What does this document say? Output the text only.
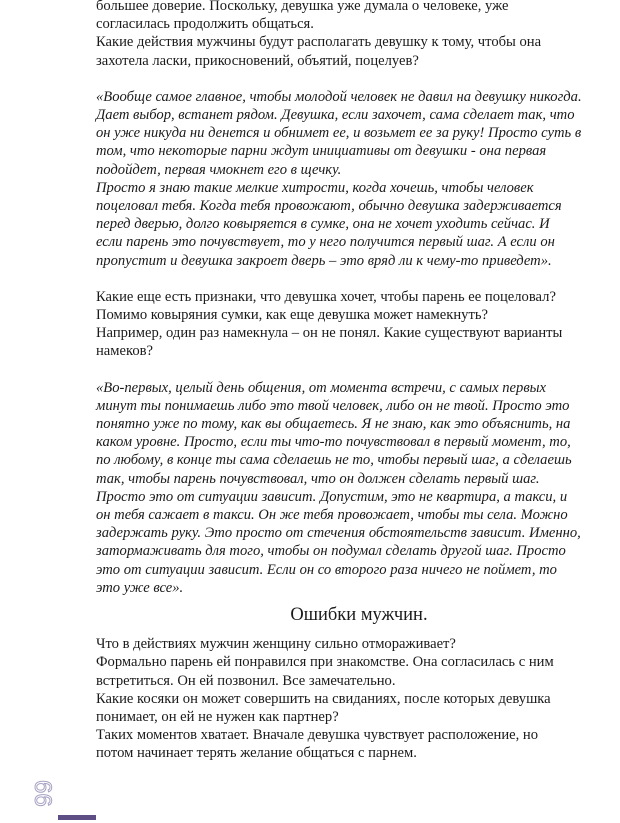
большее доверие. Поскольку, девушка уже думала о человеке, уже
согласилась продолжить общаться.
Какие действия мужчины будут располагать девушку к тому, чтобы она
захотела ласки, прикосновений, объятий, поцелуев?

«Вообще самое главное, чтобы молодой человек не давил на девушку никогда.
Дает выбор, встанет рядом. Девушка, если захочет, сама сделает так, что
он уже никуда ни денется и обнимет ее, и возьмет ее за руку! Просто суть в
том, что некоторые парни ждут инициативы от девушки - она первая
подойдет, первая чмокнет его в щечку.
Просто я знаю такие мелкие хитрости, когда хочешь, чтобы человек
поцеловал тебя. Когда тебя провожают, обычно девушка задерживается
перед дверью, долго ковыряется в сумке, она не хочет уходить сейчас. И
если парень это почувствует, то у него получится первый шаг. А если он
пропустит и девушка закроет дверь – это вряд ли к чему-то приведет».

Какие еще есть признаки, что девушка хочет, чтобы парень ее поцеловал?
Помимо ковыряния сумки, как еще девушка может намекнуть?
Например, один раз намекнула – он не понял. Какие существуют варианты
намеков?

«Во-первых, целый день общения, от момента встречи, с самых первых
минут ты понимаешь либо это твой человек, либо он не твой. Просто это
понятно уже по тому, как вы общаетесь. Я не знаю, как это объяснить, на
каком уровне. Просто, если ты что-то почувствовал в первый момент, то,
по любому, в конце ты сама сделаешь не то, чтобы первый шаг, а сделаешь
так, чтобы парень почувствовал, что он должен сделать первый шаг.
Просто это от ситуации зависит. Допустим, это не квартира, а такси, и
он тебя сажает в такси. Он же тебя провожает, чтобы ты села. Можно
задержать руку. Это просто от стечения обстоятельств зависит. Именно,
затормаживать для того, чтобы он подумал сделать другой шаг. Просто
это от ситуации зависит. Если он со второго раза ничего не поймет, то
это уже все».

Ошибки мужчин.

Что в действиях мужчин женщину сильно отмораживает?
Формально парень ей понравился при знакомстве. Она согласилась с ним
встретиться. Он ей позвонил. Все замечательно.
Какие косяки он может совершить на свиданиях, после которых девушка
понимает, он ей не нужен как партнер?
Таких моментов хватает. Вначале девушка чувствует расположение, но
потом начинает терять желание общаться с парнем.

66
